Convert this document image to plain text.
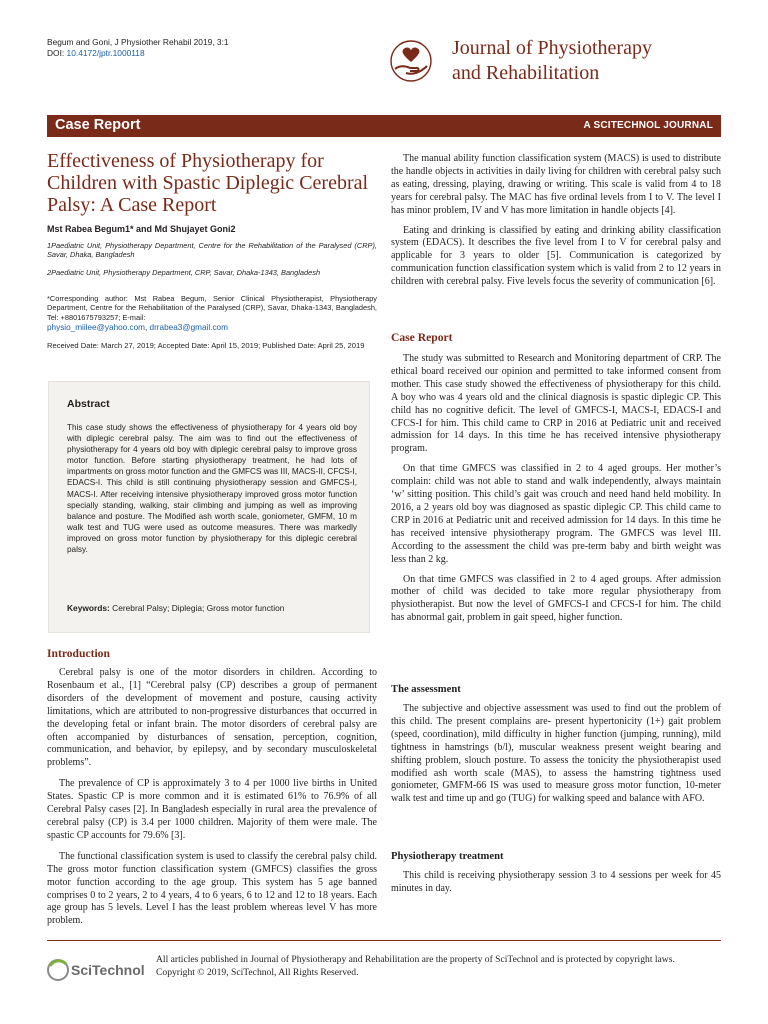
Begum and Goni, J Physiother Rehabil 2019, 3:1
DOI: 10.4172/jptr.1000118	Journal of Physiotherapy
and Rehabilitation
Case Report	A SCITECHNOL JOURNAL
Effectiveness of Physiotherapy for Children with Spastic Diplegic Cerebral Palsy: A Case Report
Mst Rabea Begum1* and Md Shujayet Goni2
1Paediatric Unit, Physiotherapy Department, Centre for the Rehabilitation of the Paralysed (CRP), Savar, Dhaka, Bangladesh
2Paediatric Unit, Physiotherapy Department, CRP, Savar, Dhaka-1343, Bangladesh
*Corresponding author: Mst Rabea Begum, Senior Clinical Physiotherapist, Physiotherapy Department, Centre for the Rehabilitation of the Paralysed (CRP), Savar, Dhaka-1343, Bangladesh, Tel: +8801675793257; E-mail:
physio_miilee@yahoo.com, drrabea3@gmail.com
Received Date: March 27, 2019; Accepted Date: April 15, 2019; Published Date: April 25, 2019
Abstract
This case study shows the effectiveness of physiotherapy for 4 years old boy with diplegic cerebral palsy. The aim was to find out the effectiveness of physiotherapy for 4 years old boy with diplegic cerebral palsy to improve gross motor function. Before starting physiotherapy treatment, he had lots of impartments on gross motor function and the GMFCS was III, MACS-II, CFCS-I, EDACS-I. This child is still continuing physiotherapy session and GMFCS-I, MACS-I. After receiving intensive physiotherapy improved gross motor function specially standing, walking, stair climbing and jumping as well as improving balance and posture. The Modified ash worth scale, goniometer, GMFM, 10 m walk test and TUG were used as outcome measures. There was markedly improved on gross motor function by physiotherapy for this diplegic cerebral palsy.
Keywords: Cerebral Palsy; Diplegia; Gross motor function
Introduction

Cerebral palsy is one of the motor disorders in children. According to Rosenbaum et al., [1] “Cerebral palsy (CP) describes a group of permanent disorders of the development of movement and posture, causing activity limitations, which are attributed to non-progressive disturbances that occurred in the developing fetal or infant brain. The motor disorders of cerebral palsy are often accompanied by disturbances of sensation, perception, cognition, communication, and behavior, by epilepsy, and by secondary musculoskeletal problems”.

The prevalence of CP is approximately 3 to 4 per 1000 live births in United States. Spastic CP is more common and it is estimated 61% to 76.9% of all Cerebral Palsy cases [2]. In Bangladesh especially in rural area the prevalence of cerebral palsy (CP) is 3.4 per 1000 children. Majority of them were male. The spastic CP accounts for 79.6% [3].

The functional classification system is used to classify the cerebral palsy child. The gross motor function classification system (GMFCS) classifies the gross motor function according to the age group. This system has 5 age banned comprises 0 to 2 years, 2 to 4 years, 4 to 6 years, 6 to 12 and 12 to 18 years. Each age group has 5 levels. Level I has the least problem whereas level V has more problem.

The manual ability function classification system (MACS) is used to distribute the handle objects in activities in daily living for children with cerebral palsy such as eating, dressing, playing, drawing or writing. This scale is valid from 4 to 18 years for cerebral palsy. The MAC has five ordinal levels from I to V. The level I has minor problem, IV and V has more limitation in handle objects [4].

Eating and drinking is classified by eating and drinking ability classification system (EDACS). It describes the five level from I to V for cerebral palsy and applicable for 3 years to older [5]. Communication is categorized by communication function classification system which is valid from 2 to 12 years in children with cerebral palsy. Five levels focus the severity of communication [6].

Case Report

The study was submitted to Research and Monitoring department of CRP. The ethical board received our opinion and permitted to take informed consent from mother. This case study showed the effectiveness of physiotherapy for this child. A boy who was 4 years old and the clinical diagnosis is spastic diplegic CP. This child has no cognitive deficit. The level of GMFCS-I, MACS-I, EDACS-I and CFCS-I for him. This child came to CRP in 2016 at Pediatric unit and received admission for 14 days. In this time he has received intensive physiotherapy program.

On that time GMFCS was classified in 2 to 4 aged groups. Her mother’s complain: child was not able to stand and walk independently, always maintain ‘w’ sitting position. This child’s gait was crouch and need hand held mobility. In 2016, a 2 years old boy was diagnosed as spastic diplegic CP. This child came to CRP in 2016 at Pediatric unit and received admission for 14 days. In this time he has received intensive physiotherapy program. The GMFCS was level III. According to the assessment the child was pre-term baby and birth weight was less than 2 kg.

On that time GMFCS was classified in 2 to 4 aged groups. After admission mother of child was decided to take more regular physiotherapy from physiotherapist. But now the level of GMFCS-I and CFCS-I for him. The child has abnormal gait, problem in gait speed, higher function.

The assessment

The subjective and objective assessment was used to find out the problem of this child. The present complains are- present hypertonicity (1+) gait problem (speed, coordination), mild difficulty in higher function (jumping, running), mild tightness in hamstrings (b/l), muscular weakness present weight bearing and shifting problem, slouch posture. To assess the tonicity the physiotherapist used modified ash worth scale (MAS), to assess the hamstring tightness used goniometer, GMFM-66 IS was used to measure gross motor function, 10-meter walk test and time up and go (TUG) for walking speed and balance with AFO.

Physiotherapy treatment

This child is receiving physiotherapy session 3 to 4 sessions per week for 45 minutes in day.

SciTechnol
All articles published in Journal of Physiotherapy and Rehabilitation are the property of SciTechnol and is protected by copyright laws. Copyright © 2019, SciTechnol, All Rights Reserved.
